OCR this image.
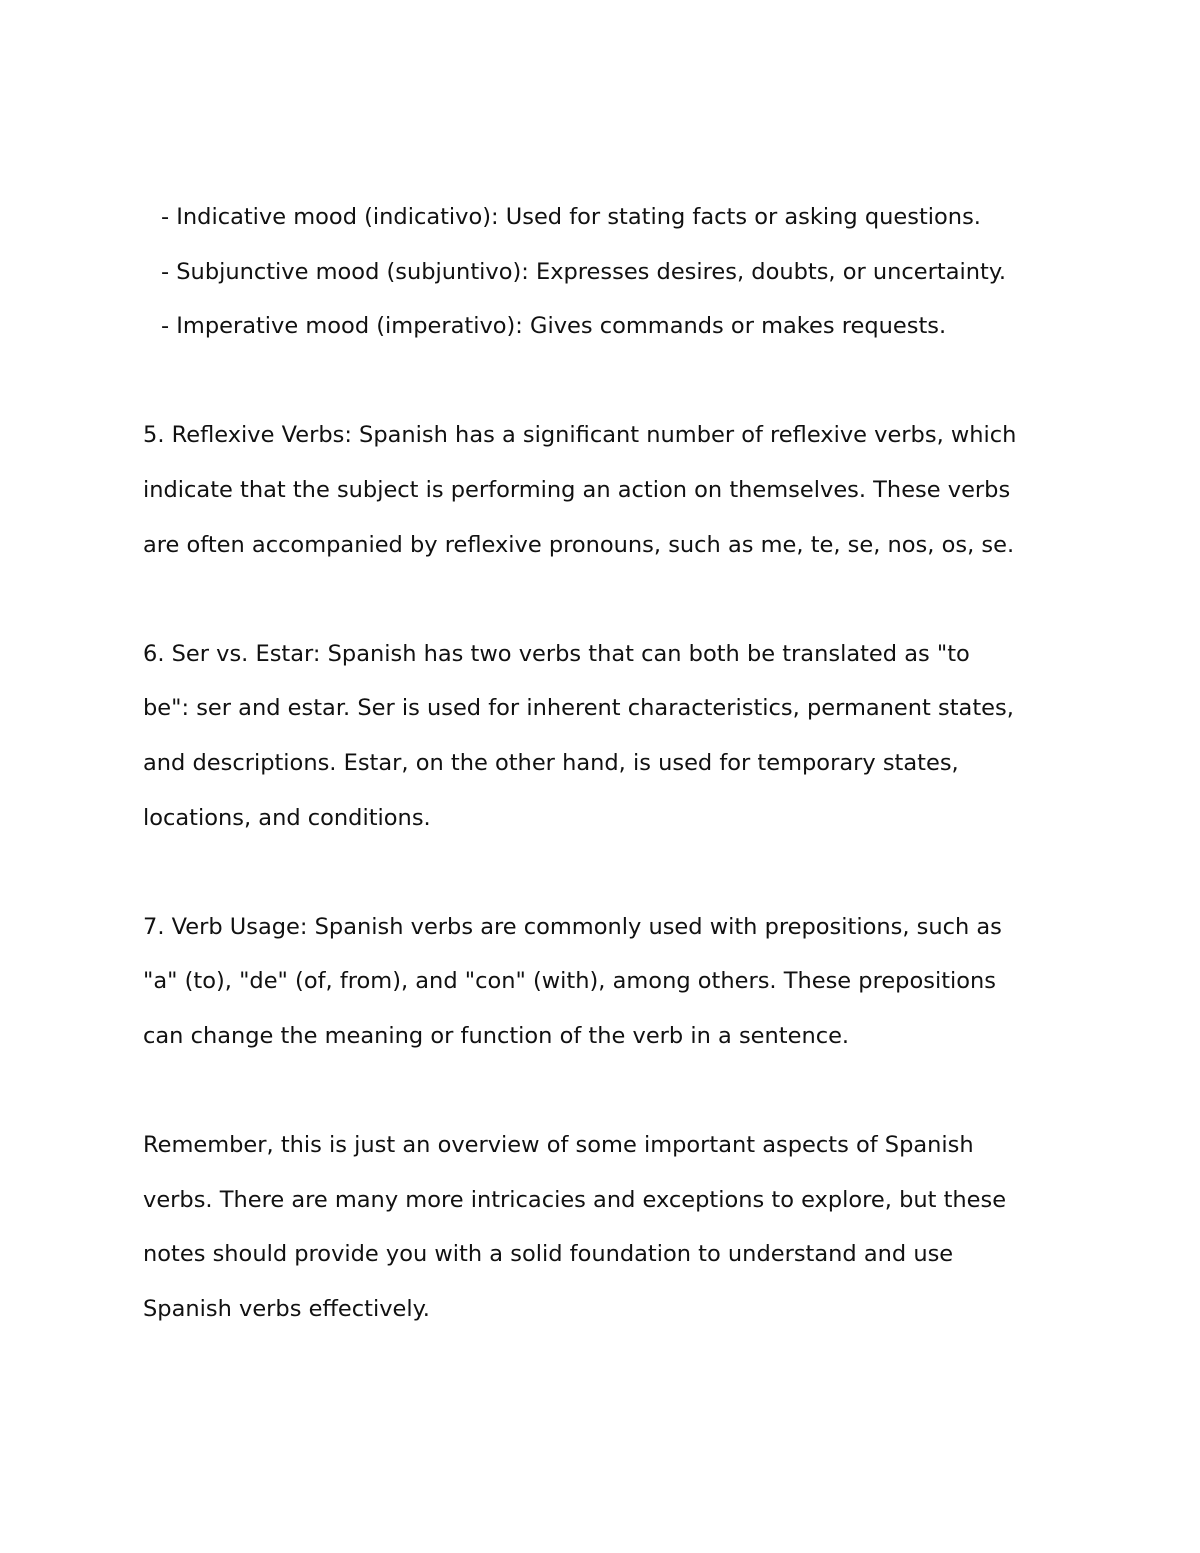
- Indicative mood (indicativo): Used for stating facts or asking questions.
- Subjunctive mood (subjuntivo): Expresses desires, doubts, or uncertainty.
- Imperative mood (imperativo): Gives commands or makes requests.

5. Reflexive Verbs: Spanish has a significant number of reflexive verbs, which
indicate that the subject is performing an action on themselves. These verbs
are often accompanied by reflexive pronouns, such as me, te, se, nos, os, se.

6. Ser vs. Estar: Spanish has two verbs that can both be translated as "to
be": ser and estar. Ser is used for inherent characteristics, permanent states,
and descriptions. Estar, on the other hand, is used for temporary states,
locations, and conditions.

7. Verb Usage: Spanish verbs are commonly used with prepositions, such as
"a" (to), "de" (of, from), and "con" (with), among others. These prepositions
can change the meaning or function of the verb in a sentence.

Remember, this is just an overview of some important aspects of Spanish
verbs. There are many more intricacies and exceptions to explore, but these
notes should provide you with a solid foundation to understand and use
Spanish verbs effectively.
